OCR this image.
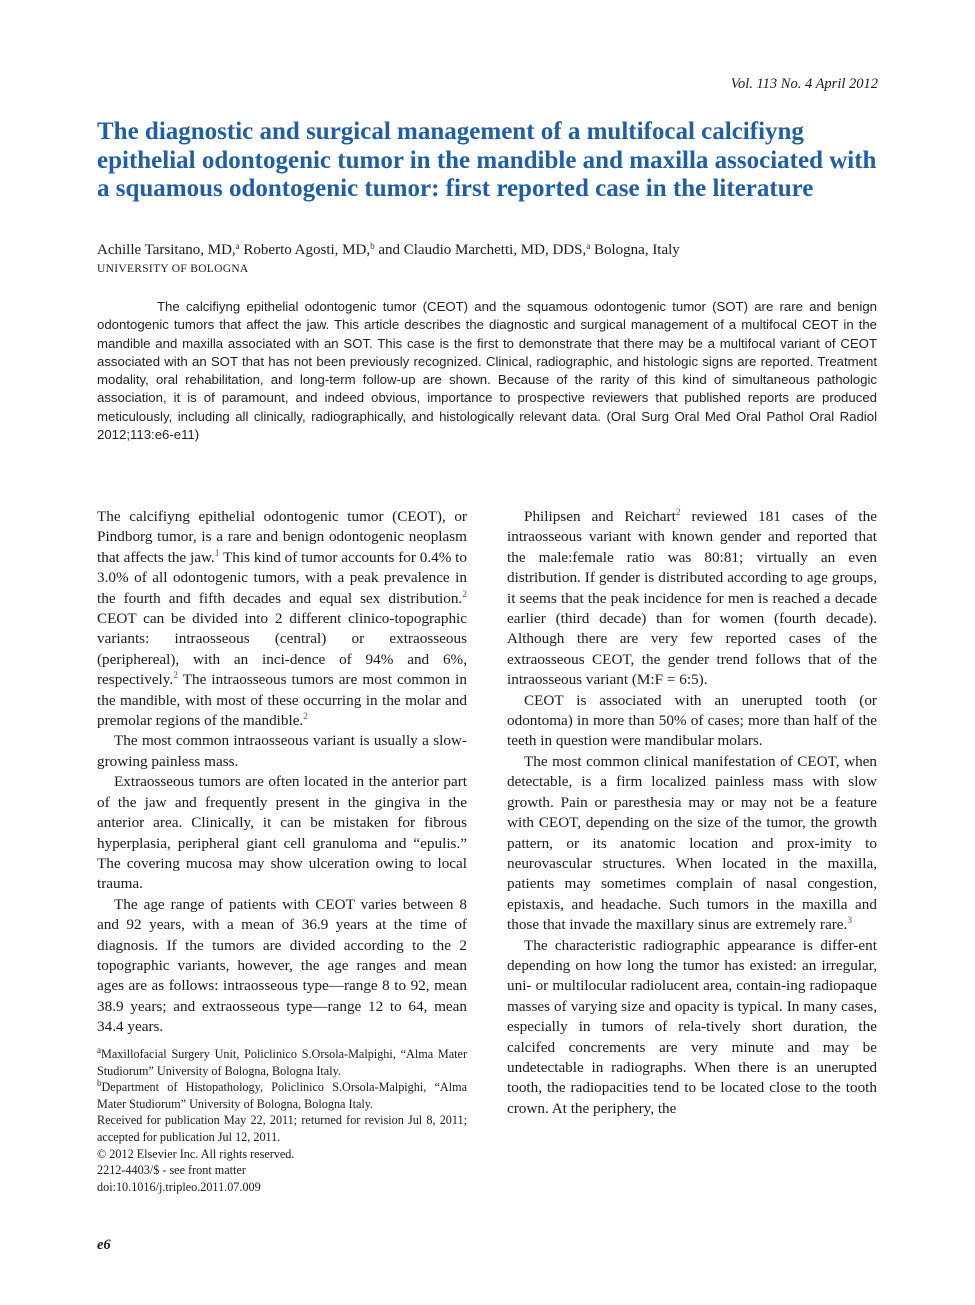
Vol. 113 No. 4 April 2012
The diagnostic and surgical management of a multifocal calcifiyng epithelial odontogenic tumor in the mandible and maxilla associated with a squamous odontogenic tumor: first reported case in the literature
Achille Tarsitano, MD,$^a$ Roberto Agosti, MD,$^b$ and Claudio Marchetti, MD, DDS,$^a$ Bologna, Italy
UNIVERSITY OF BOLOGNA
The calcifiyng epithelial odontogenic tumor (CEOT) and the squamous odontogenic tumor (SOT) are rare and benign odontogenic tumors that affect the jaw. This article describes the diagnostic and surgical management of a multifocal CEOT in the mandible and maxilla associated with an SOT. This case is the first to demonstrate that there may be a multifocal variant of CEOT associated with an SOT that has not been previously recognized. Clinical, radiographic, and histologic signs are reported. Treatment modality, oral rehabilitation, and long-term follow-up are shown. Because of the rarity of this kind of simultaneous pathologic association, it is of paramount, and indeed obvious, importance to prospective reviewers that published reports are produced meticulously, including all clinically, radiographically, and histologically relevant data. (Oral Surg Oral Med Oral Pathol Oral Radiol 2012;113:e6-e11)

The calcifiyng epithelial odontogenic tumor (CEOT), or Pindborg tumor, is a rare and benign odontogenic neoplasm that affects the jaw.$^1$ This kind of tumor accounts for 0.4% to 3.0% of all odontogenic tumors, with a peak prevalence in the fourth and fifth decades and equal sex distribution.$^2$ CEOT can be divided into 2 different clinico-topographic variants: intraosseous (central) or extraosseous (periphereal), with an inci-dence of 94% and 6%, respectively.$^2$ The intraosseous tumors are most common in the mandible, with most of these occurring in the molar and premolar regions of the mandible.$^2$

The most common intraosseous variant is usually a slow-growing painless mass.

Extraosseous tumors are often located in the anterior part of the jaw and frequently present in the gingiva in the anterior area. Clinically, it can be mistaken for fibrous hyperplasia, peripheral giant cell granuloma and “epulis.” The covering mucosa may show ulceration owing to local trauma.

The age range of patients with CEOT varies between 8 and 92 years, with a mean of 36.9 years at the time of diagnosis. If the tumors are divided according to the 2 topographic variants, however, the age ranges and mean ages are as follows: intraosseous type—range 8 to 92, mean 38.9 years; and extraosseous type—range 12 to 64, mean 34.4 years.

Philipsen and Reichart$^2$ reviewed 181 cases of the intraosseous variant with known gender and reported that the male:female ratio was 80:81; virtually an even distribution. If gender is distributed according to age groups, it seems that the peak incidence for men is reached a decade earlier (third decade) than for women (fourth decade). Although there are very few reported cases of the extraosseous CEOT, the gender trend follows that of the intraosseous variant (M:F = 6:5).

CEOT is associated with an unerupted tooth (or odontoma) in more than 50% of cases; more than half of the teeth in question were mandibular molars.

The most common clinical manifestation of CEOT, when detectable, is a firm localized painless mass with slow growth. Pain or paresthesia may or may not be a feature with CEOT, depending on the size of the tumor, the growth pattern, or its anatomic location and prox-imity to neurovascular structures. When located in the maxilla, patients may sometimes complain of nasal congestion, epistaxis, and headache. Such tumors in the maxilla and those that invade the maxillary sinus are extremely rare.$^3$

The characteristic radiographic appearance is differ-ent depending on how long the tumor has existed: an irregular, uni- or multilocular radiolucent area, contain-ing radiopaque masses of varying size and opacity is typical. In many cases, especially in tumors of rela-tively short duration, the calcifed concrements are very minute and may be undetectable in radiographs. When there is an unerupted tooth, the radiopacities tend to be located close to the tooth crown. At the periphery, the

$^a$Maxillofacial Surgery Unit, Policlinico S.Orsola-Malpighi, “Alma Mater Studiorum” University of Bologna, Bologna Italy.
$^b$Department of Histopathology, Policlinico S.Orsola-Malpighi, “Alma Mater Studiorum” University of Bologna, Bologna Italy.
Received for publication May 22, 2011; returned for revision Jul 8, 2011; accepted for publication Jul 12, 2011.
© 2012 Elsevier Inc. All rights reserved.
2212-4403/$ - see front matter
doi:10.1016/j.tripleo.2011.07.009
e6
